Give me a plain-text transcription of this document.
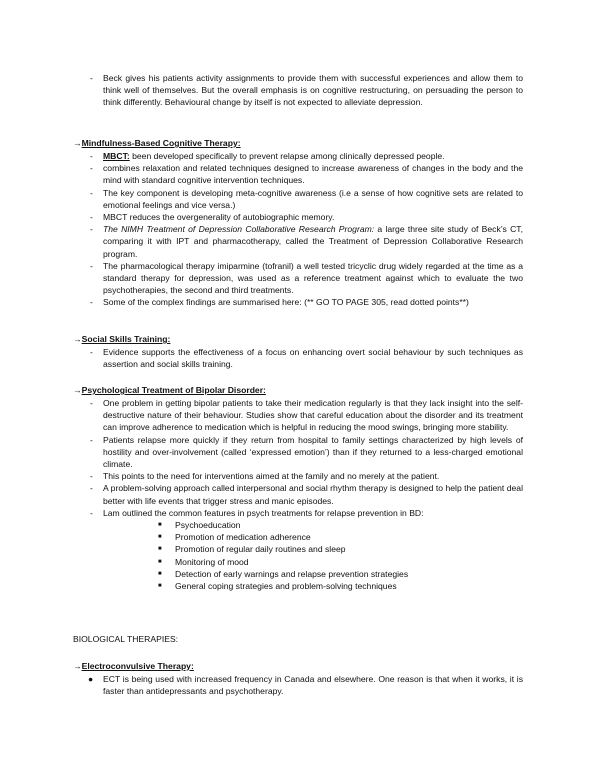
- Beck gives his patients activity assignments to provide them with successful experiences and allow them to think well of themselves. But the overall emphasis is on cognitive restructuring, on persuading the person to think differently. Behavioural change by itself is not expected to alleviate depression.
→Mindfulness-Based Cognitive Therapy:
- MBCT: been developed specifically to prevent relapse among clinically depressed people.
- combines relaxation and related techniques designed to increase awareness of changes in the body and the mind with standard cognitive intervention techniques.
- The key component is developing meta-cognitive awareness (i.e a sense of how cognitive sets are related to emotional feelings and vice versa.)
- MBCT reduces the overgenerality of autobiographic memory.
- The NIMH Treatment of Depression Collaborative Research Program: a large three site study of Beck’s CT, comparing it with IPT and pharmacotherapy, called the Treatment of Depression Collaborative Research program.
- The pharmacological therapy imiparmine (tofranil) a well tested tricyclic drug widely regarded at the time as a standard therapy for depression, was used as a reference treatment against which to evaluate the two psychotherapies, the second and third treatments.
- Some of the complex findings are summarised here: (** GO TO PAGE 305, read dotted points**)
→Social Skills Training:
- Evidence supports the effectiveness of a focus on enhancing overt social behaviour by such techniques as assertion and social skills training.
→Psychological Treatment of Bipolar Disorder:
- One problem in getting bipolar patients to take their medication regularly is that they lack insight into the self-destructive nature of their behaviour. Studies show that careful education about the disorder and its treatment can improve adherence to medication which is helpful in reducing the mood swings, bringing more stability.
- Patients relapse more quickly if they return from hospital to family settings characterized by high levels of hostility and over-involvement (called ‘expressed emotion’) than if they returned to a less-charged emotional climate.
- This points to the need for interventions aimed at the family and no merely at the patient.
- A problem-solving approach called interpersonal and social rhythm therapy is designed to help the patient deal better with life events that trigger stress and manic episodes.
- Lam outlined the common features in psych treatments for relapse prevention in BD:
■ Psychoeducation
■ Promotion of medication adherence
■ Promotion of regular daily routines and sleep
■ Monitoring of mood
■ Detection of early warnings and relapse prevention strategies
■ General coping strategies and problem-solving techniques
BIOLOGICAL THERAPIES:
→Electroconvulsive Therapy:
● ECT is being used with increased frequency in Canada and elsewhere. One reason is that when it works, it is faster than antidepressants and psychotherapy.
